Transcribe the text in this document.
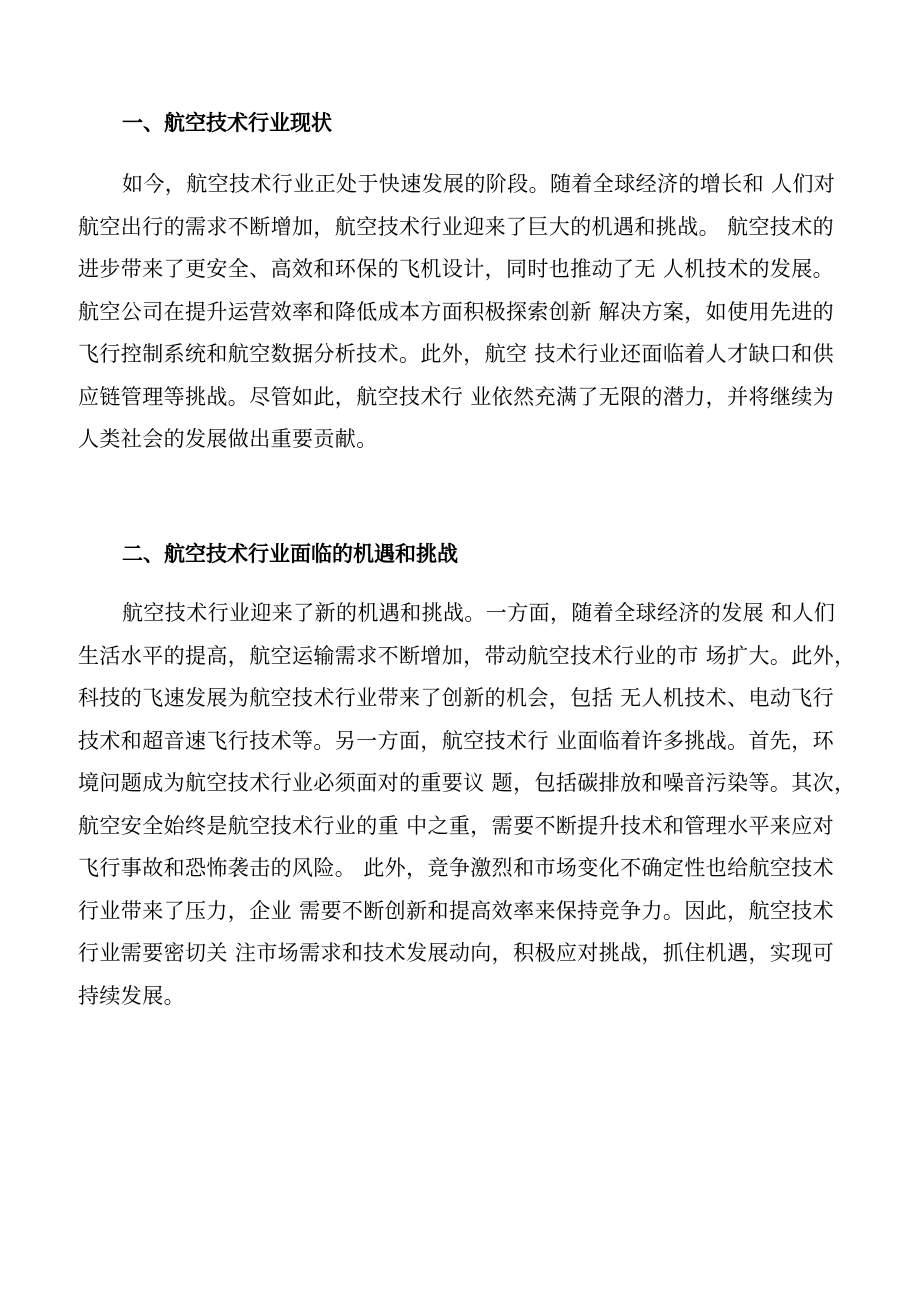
一、航空技术行业现状
如今，航空技术行业正处于快速发展的阶段。随着全球经济的增长和 人们对
航空出行的需求不断增加，航空技术行业迎来了巨大的机遇和挑战。 航空技术的
进步带来了更安全、高效和环保的飞机设计，同时也推动了无 人机技术的发展。
航空公司在提升运营效率和降低成本方面积极探索创新 解决方案，如使用先进的
飞行控制系统和航空数据分析技术。此外，航空 技术行业还面临着人才缺口和供
应链管理等挑战。尽管如此，航空技术行 业依然充满了无限的潜力，并将继续为
人类社会的发展做出重要贡献。
二、航空技术行业面临的机遇和挑战
航空技术行业迎来了新的机遇和挑战。一方面，随着全球经济的发展 和人们
生活水平的提高，航空运输需求不断增加，带动航空技术行业的市 场扩大。此外，
科技的飞速发展为航空技术行业带来了创新的机会，包括 无人机技术、电动飞行
技术和超音速飞行技术等。另一方面，航空技术行 业面临着许多挑战。首先，环
境问题成为航空技术行业必须面对的重要议 题，包括碳排放和噪音污染等。其次，
航空安全始终是航空技术行业的重 中之重，需要不断提升技术和管理水平来应对
飞行事故和恐怖袭击的风险。 此外，竞争激烈和市场变化不确定性也给航空技术
行业带来了压力，企业 需要不断创新和提高效率来保持竞争力。因此，航空技术
行业需要密切关 注市场需求和技术发展动向，积极应对挑战，抓住机遇，实现可
持续发展。
